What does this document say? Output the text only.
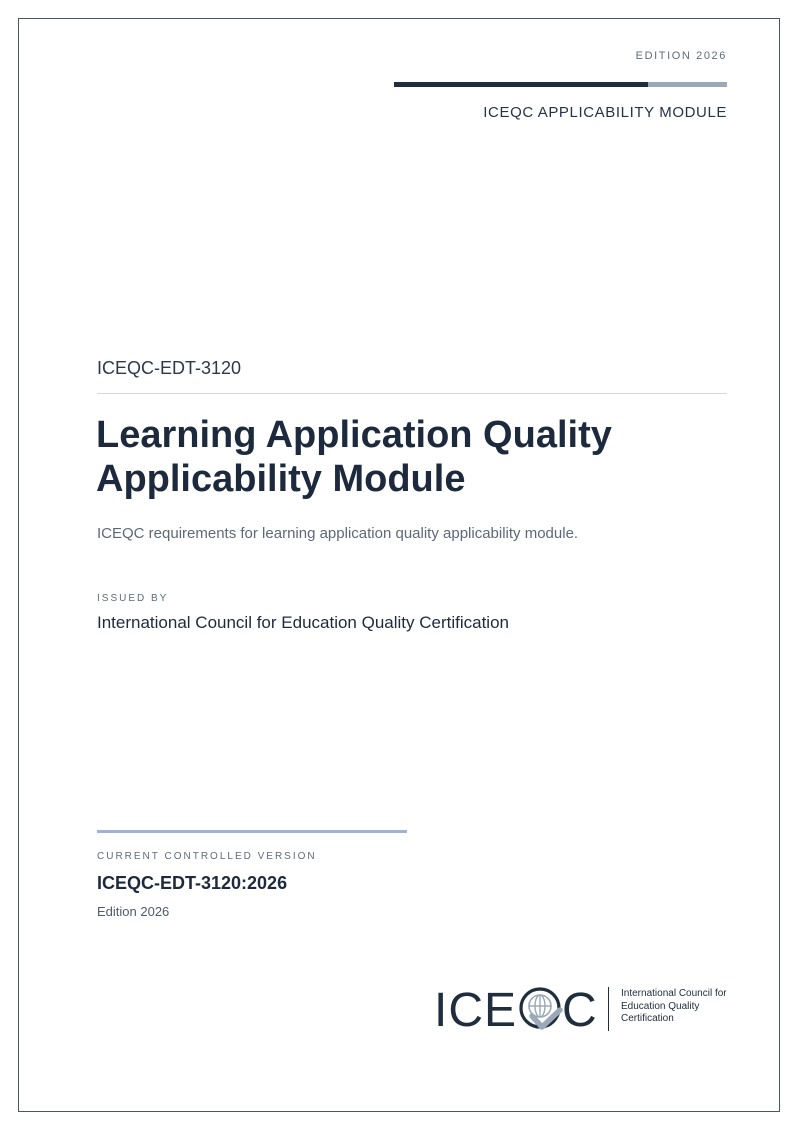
EDITION 2026
ICEQC APPLICABILITY MODULE
ICEQC-EDT-3120
Learning Application Quality
Applicability Module
ICEQC requirements for learning application quality applicability module.
ISSUED BY
International Council for Education Quality Certification
CURRENT CONTROLLED VERSION
ICEQC-EDT-3120:2026
Edition 2026
ICE C International Council for
Education Quality
Certification
